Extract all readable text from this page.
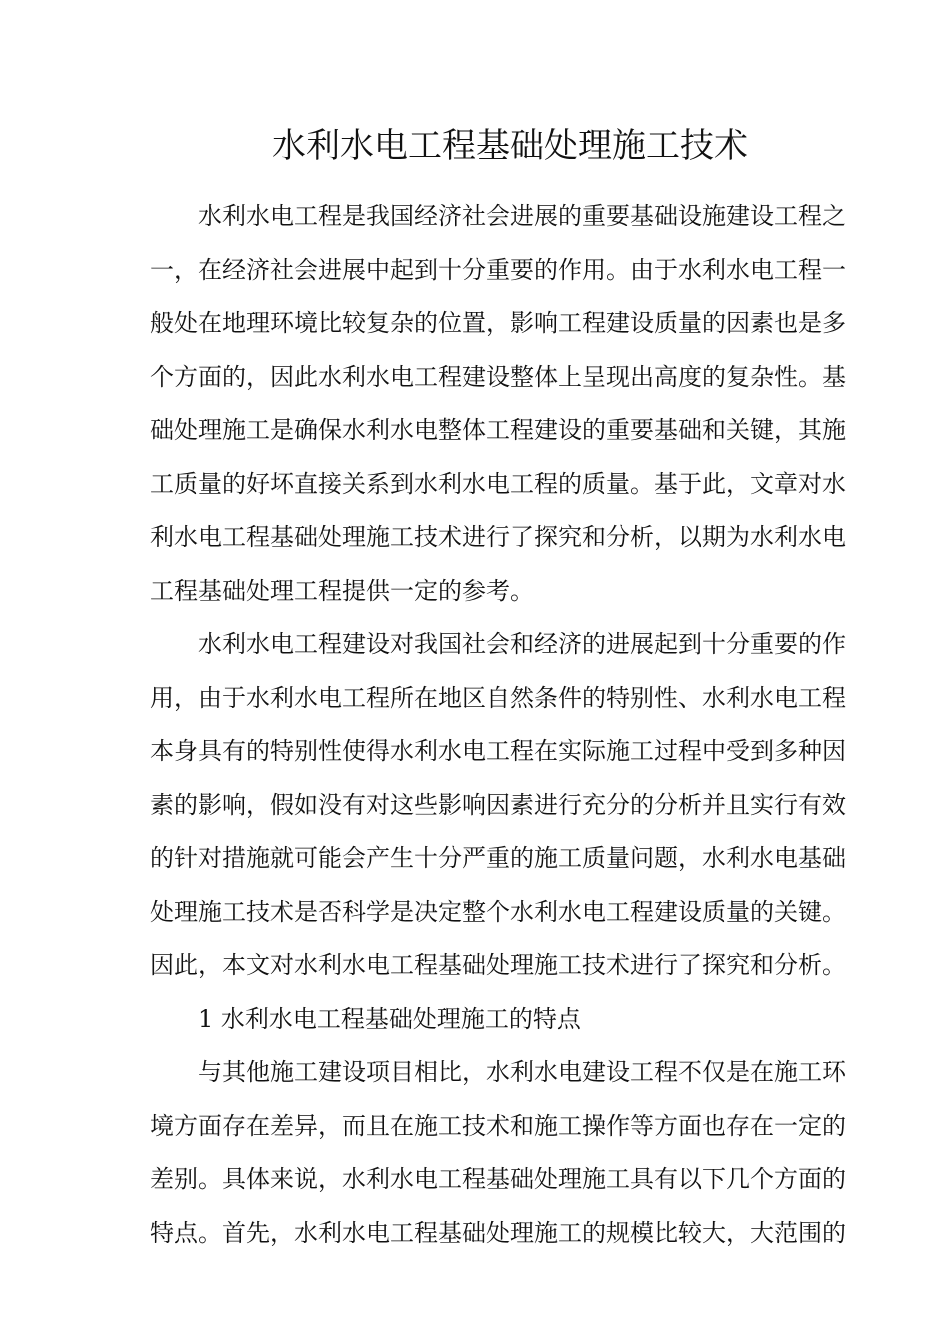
水利水电工程基础处理施工技术
水利水电工程是我国经济社会进展的重要基础设施建设工程之
一，在经济社会进展中起到十分重要的作用。由于水利水电工程一
般处在地理环境比较复杂的位置，影响工程建设质量的因素也是多
个方面的，因此水利水电工程建设整体上呈现出高度的复杂性。基
础处理施工是确保水利水电整体工程建设的重要基础和关键，其施
工质量的好坏直接关系到水利水电工程的质量。基于此，文章对水
利水电工程基础处理施工技术进行了探究和分析，以期为水利水电
工程基础处理工程提供一定的参考。
水利水电工程建设对我国社会和经济的进展起到十分重要的作
用，由于水利水电工程所在地区自然条件的特别性、水利水电工程
本身具有的特别性使得水利水电工程在实际施工过程中受到多种因
素的影响，假如没有对这些影响因素进行充分的分析并且实行有效
的针对措施就可能会产生十分严重的施工质量问题，水利水电基础
处理施工技术是否科学是决定整个水利水电工程建设质量的关键。
因此，本文对水利水电工程基础处理施工技术进行了探究和分析。
1 水利水电工程基础处理施工的特点
与其他施工建设项目相比，水利水电建设工程不仅是在施工环
境方面存在差异，而且在施工技术和施工操作等方面也存在一定的
差别。具体来说，水利水电工程基础处理施工具有以下几个方面的
特点。首先，水利水电工程基础处理施工的规模比较大，大范围的
